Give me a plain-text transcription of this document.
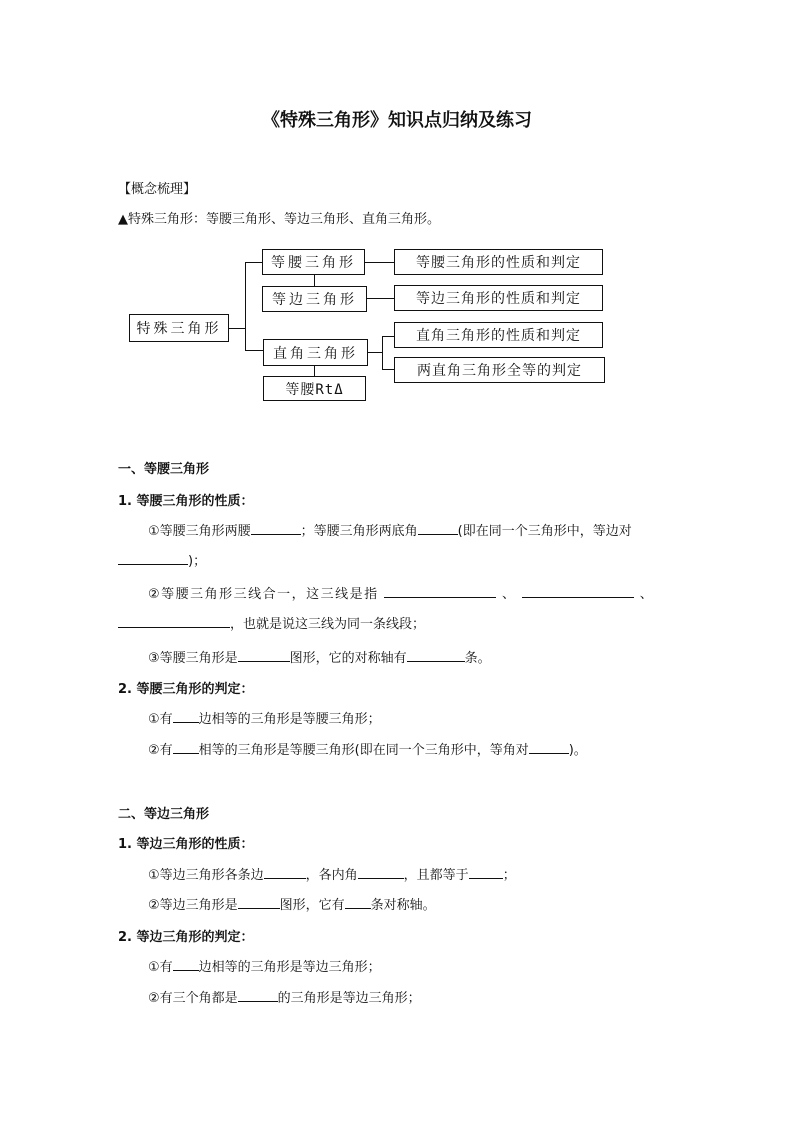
《特殊三角形》知识点归纳及练习
【概念梳理】
▲特殊三角形：等腰三角形、等边三角形、直角三角形。
特殊三角形
等腰三角形
等边三角形
直角三角形
等腰RtΔ
等腰三角形的性质和判定
等边三角形的性质和判定
直角三角形的性质和判定
两直角三角形全等的判定
一、等腰三角形
1. 等腰三角形的性质：
①等腰三角形两腰	；等腰三角形两底角	(即在同一个三角形中，等边对
)；
②等腰三角形三线合一，这三线是指	、	、
，也就是说这三线为同一条线段；
③等腰三角形是	图形，它的对称轴有	条。
2. 等腰三角形的判定：
①有 边相等的三角形是等腰三角形；
②有 相等的三角形是等腰三角形(即在同一个三角形中，等角对	)。
二、等边三角形
1. 等边三角形的性质：
①等边三角形各条边	，各内角	，且都等于	；
②等边三角形是	图形，它有 条对称轴。
2. 等边三角形的判定：
①有 边相等的三角形是等边三角形；
②有三个角都是	的三角形是等边三角形；
